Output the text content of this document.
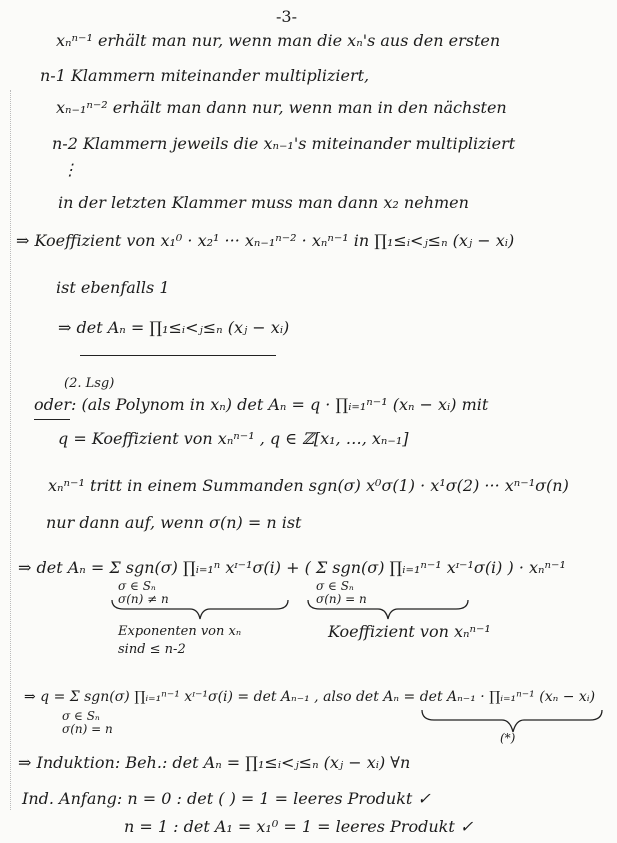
-3-
xₙⁿ⁻¹ erhält man nur, wenn man die xₙ's aus den ersten
n-1 Klammern miteinander multipliziert,
xₙ₋₁ⁿ⁻² erhält man dann nur, wenn man in den nächsten
n-2 Klammern jeweils die xₙ₋₁'s miteinander multipliziert
⋮
in der letzten Klammer muss man dann x₂ nehmen
⇒ Koeffizient von x₁⁰ · x₂¹ ··· xₙ₋₁ⁿ⁻² · xₙⁿ⁻¹ in ∏₁≤ᵢ<ⱼ≤ₙ (xⱼ − xᵢ)
ist ebenfalls 1
⇒ det Aₙ = ∏₁≤ᵢ<ⱼ≤ₙ (xⱼ − xᵢ)
(2. Lsg)
oder: (als Polynom in xₙ) det Aₙ = q · ∏ᵢ₌₁ⁿ⁻¹ (xₙ − xᵢ) mit
q = Koeffizient von xₙⁿ⁻¹ , q ∈ ℤ[x₁, …, xₙ₋₁]
xₙⁿ⁻¹ tritt in einem Summanden sgn(σ) x⁰σ(1) · x¹σ(2) ··· xⁿ⁻¹σ(n)
nur dann auf, wenn σ(n) = n ist
⇒ det Aₙ = Σ sgn(σ) ∏ᵢ₌₁ⁿ xᶦ⁻¹σ(i) + ( Σ sgn(σ) ∏ᵢ₌₁ⁿ⁻¹ xᶦ⁻¹σ(i) ) · xₙⁿ⁻¹
σ ∈ Sₙ
σ(n) ≠ n
σ ∈ Sₙ
σ(n) = n
Exponenten von xₙ
sind ≤ n-2
Koeffizient von xₙⁿ⁻¹
⇒ q = Σ sgn(σ) ∏ᵢ₌₁ⁿ⁻¹ xᶦ⁻¹σ(i) = det Aₙ₋₁ , also det Aₙ = det Aₙ₋₁ · ∏ᵢ₌₁ⁿ⁻¹ (xₙ − xᵢ)
σ ∈ Sₙ
σ(n) = n
(*)
⇒ Induktion: Beh.: det Aₙ = ∏₁≤ᵢ<ⱼ≤ₙ (xⱼ − xᵢ) ∀n
Ind. Anfang: n = 0 : det ( ) = 1 = leeres Produkt ✓
n = 1 : det A₁ = x₁⁰ = 1 = leeres Produkt ✓
